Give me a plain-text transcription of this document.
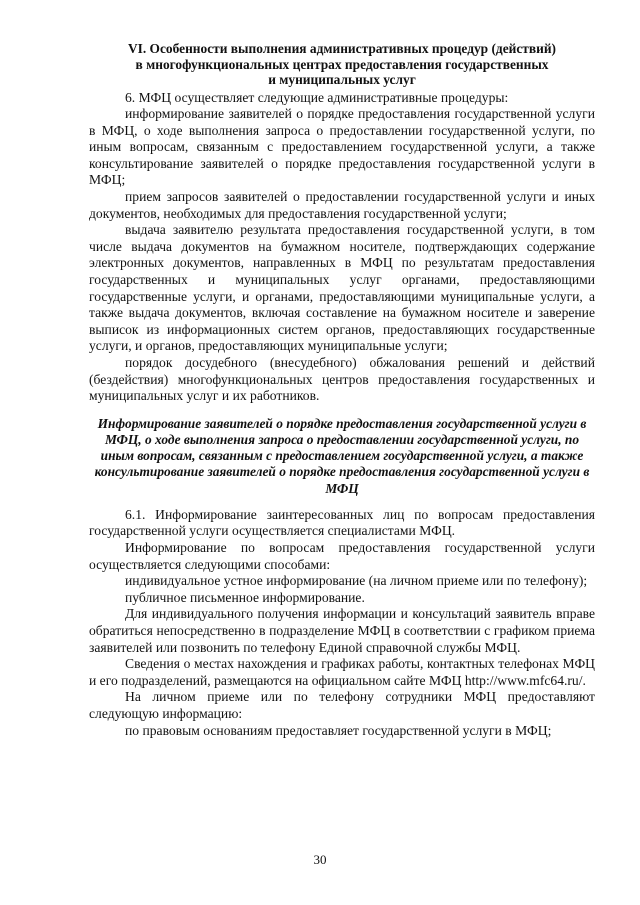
VI. Особенности выполнения административных процедур (действий)
в многофункциональных центрах предоставления государственных
и муниципальных услуг

6. МФЦ осуществляет следующие административные процедуры:

информирование заявителей о порядке предоставления государственной услуги в МФЦ, о ходе выполнения запроса о предоставлении государственной услуги, по иным вопросам, связанным с предоставлением государственной услуги, а также консультирование заявителей о порядке предоставления государственной услуги в МФЦ;

прием запросов заявителей о предоставлении государственной услуги и иных документов, необходимых для предоставления государственной услуги;

выдача заявителю результата предоставления государственной услуги, в том числе выдача документов на бумажном носителе, подтверждающих содержание электронных документов, направленных в МФЦ по результатам предоставления государственных и муниципальных услуг органами, предоставляющими государственные услуги, и органами, предоставляющими муниципальные услуги, а также выдача документов, включая составление на бумажном носителе и заверение выписок из информационных систем органов, предоставляющих государственные услуги, и органов, предоставляющих муниципальные услуги;

порядок досудебного (внесудебного) обжалования решений и действий (бездействия) многофункциональных центров предоставления государственных и муниципальных услуг и их работников.

Информирование заявителей о порядке предоставления государственной услуги в МФЦ, о ходе выполнения запроса о предоставлении государственной услуги, по иным вопросам, связанным с предоставлением государственной услуги, а также консультирование заявителей о порядке предоставления государственной услуги в МФЦ

6.1. Информирование заинтересованных лиц по вопросам предоставления государственной услуги осуществляется специалистами МФЦ.

Информирование по вопросам предоставления государственной услуги осуществляется следующими способами:

индивидуальное устное информирование (на личном приеме или по телефону);

публичное письменное информирование.

Для индивидуального получения информации и консультаций заявитель вправе обратиться непосредственно в подразделение МФЦ в соответствии с графиком приема заявителей или позвонить по телефону Единой справочной службы МФЦ.

Сведения о местах нахождения и графиках работы, контактных телефонах МФЦ и его подразделений, размещаются на официальном сайте МФЦ http://www.mfc64.ru/.

На личном приеме или по телефону сотрудники МФЦ предоставляют следующую информацию:

по правовым основаниям предоставляет государственной услуги в МФЦ;

30
